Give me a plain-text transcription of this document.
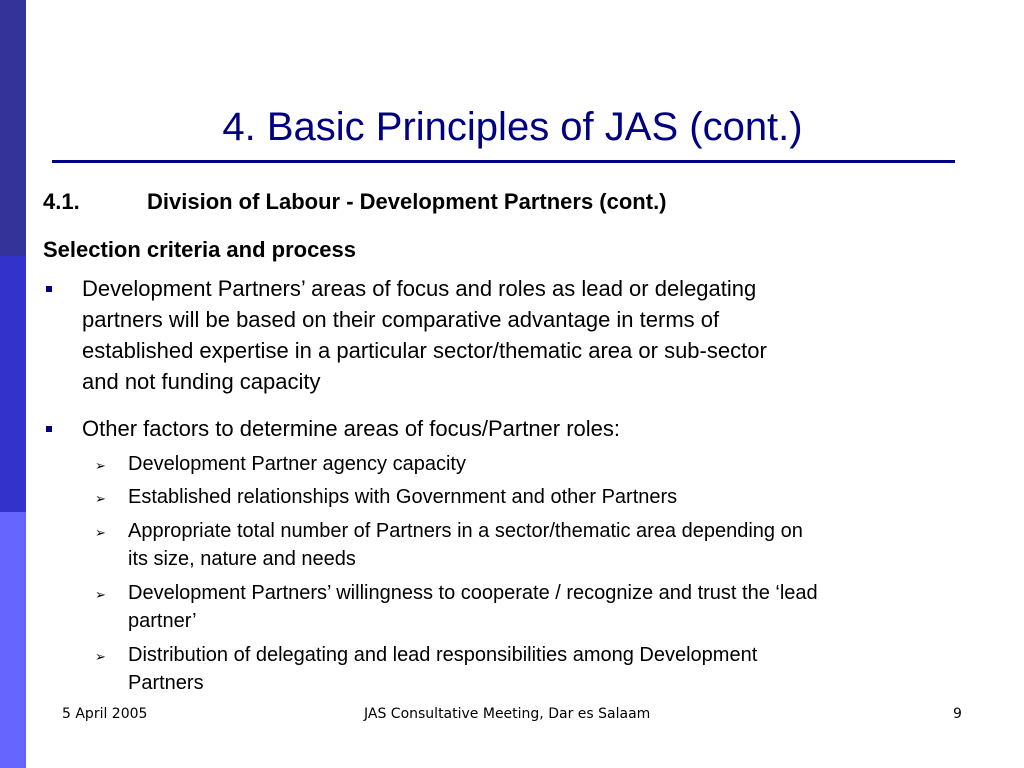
4. Basic Principles of JAS (cont.)
4.1.	Division of Labour - Development Partners (cont.)
Selection criteria and process
Development Partners’ areas of focus and roles as lead or delegating
partners will be based on their comparative advantage in terms of
established expertise in a particular sector/thematic area or sub-sector
and not funding capacity
Other factors to determine areas of focus/Partner roles:
➢ Development Partner agency capacity
➢ Established relationships with Government and other Partners
➢ Appropriate total number of Partners in a sector/thematic area depending on
its size, nature and needs
➢ Development Partners’ willingness to cooperate / recognize and trust the ‘lead
partner’
➢ Distribution of delegating and lead responsibilities among Development
Partners
5 April 2005	JAS Consultative Meeting, Dar es Salaam	9
